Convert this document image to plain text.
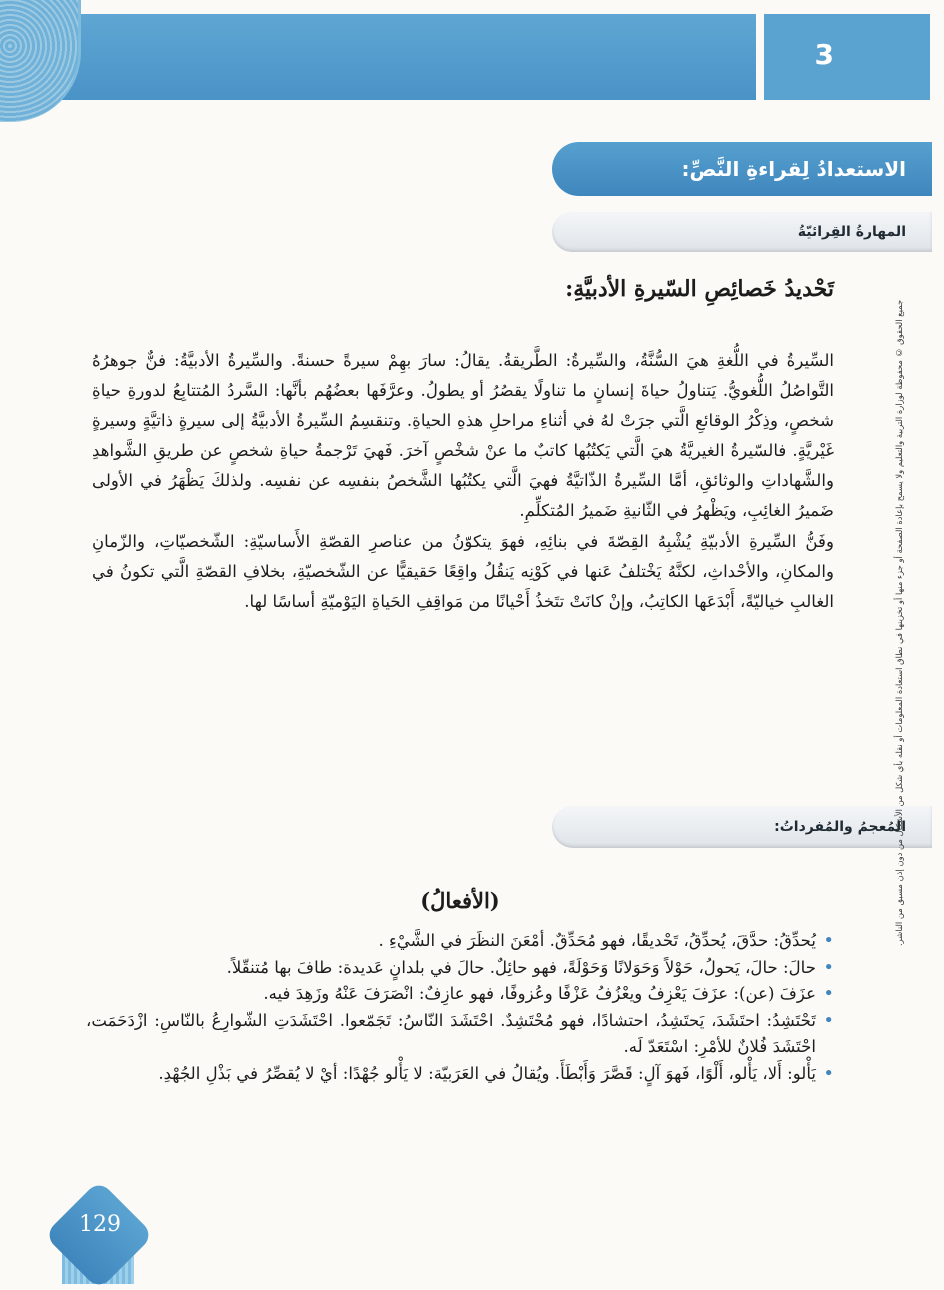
3
الاستعدادُ لِقراءةِ النَّصِّ:
المهارةُ القِرائيّةُ
تَحْديدُ خَصائِصِ السّيرةِ الأدبيَّةِ:

السِّيرةُ في اللُّغةِ هيَ السُّنَّةُ، والسِّيرةُ: الطَّريقةُ. يقالُ: سارَ بهِمْ سيرةً حسنةً. والسِّيرةُ الأدبيَّةُ: فنٌّ جوهرُهُ التَّواصُلُ اللُّغويُّ. يَتناولُ حياةَ إنسانٍ ما تناولًا يقصُرُ أو يطولُ. وعرَّفَها بعضُهُم بأنَّها: السَّردُ المُتتابِعُ لدورةِ حياةِ شخصٍ، وذِكْرُ الوقائعِ الَّتي جرَتْ لهُ في أثناءِ مراحلِ هذهِ الحياةِ. وتنقسِمُ السِّيرةُ الأدبيَّةُ إلى سيرةٍ ذاتيَّةٍ وسيرةٍ غَيْريَّةٍ. فالسّيرةُ الغيريَّةُ هيَ الَّتي يَكتُبُها كاتبٌ ما عنْ شخْصٍ آخرَ. فَهيَ تَرْجمةُ حياةِ شخصٍ عن طريقِ الشَّواهدِ والشَّهاداتِ والوثائقِ، أمَّا السِّيرةُ الذّاتيَّةُ فهيَ الَّتي يكتُبُها الشَّخصُ بنفسِه عن نفسِه. ولذلكَ يَظْهَرُ في الأولى ضَميرُ الغائِبِ، ويَظْهرُ في الثّانيةِ ضَميرُ المُتكلِّمِ.

وفَنُّ السِّيرةِ الأدبيّةِ يُشْبِهُ القِصّةَ في بنائِهِ، فهوَ يتكوّنُ من عناصرِ القصّةِ الأَساسيّةِ: الشّخصيّاتِ، والزّمانِ والمكانِ، والأحْداثِ، لكنَّهُ يَخْتلفُ عَنها في كَوْنِه يَنقُلُ واقِعًا حَقيقيًّا عن الشّخصيّةِ، بخلافِ القصّةِ الَّتي تكونُ في الغالبِ خياليّةً، أَبْدَعَها الكاتِبُ، وإنْ كانَتْ تتَخذُ أَحْيانًا من مَواقِفِ الحَياةِ اليَوْميّةِ أساسًا لها.

المُعجمُ والمُفرداتُ:
(الأفعالُ)
• يُحدِّقُ: حدَّقَ، يُحدِّقُ، تَحْديقًا، فهو مُحَدِّقٌ. أمْعَنَ النظَرَ في الشَّيْءِ .
• حالَ: حالَ، يَحولُ، حَوْلاً وَحَوَلانًا وَحَوْلَةً، فهو حائِلٌ. حالَ في بلدانٍ عَديدة: طافَ بها مُتنقّلاً.
• عزَفَ (عن): عزَفَ يَعْزِفُ ويعْزُفُ عَزْفًا وعُزوفًا، فهو عازِفٌ: انْصَرَفَ عَنْهُ وزَهِدَ فيه.
• تَحْتَشِدُ: احتَشَدَ، يَحتَشِدُ، احتشادًا، فهو مُحْتَشِدٌ. احْتَشَدَ النّاسُ: تَجَمّعوا. احْتَشَدَتِ الشّوارِعُ بالنّاسِ: ازْدَحَمَت، احْتَشَدَ فُلانٌ للأمْرِ: اسْتَعَدّ لَه.
• يَأْلو: أَلا، يَأْلو، أَلْوًا، فَهوَ آلٍ: قَصَّرَ وَأَبْطَأَ. ويُقالُ في العَرَبيّة: لا يَأْلو جُهْدًا: أيْ لا يُقصِّرُ في بَذْلِ الجُهْدِ.
جميع الحقوق © محفوظة لوزارة التربية والتعليم ولا يسمح بإعادة الصفحة أو جزء منها أو تخزينها في نطاق استعادة المعلومات أو نقله بأي شكل من الأشكال من دون إذن مسبق من الناشر.
129
